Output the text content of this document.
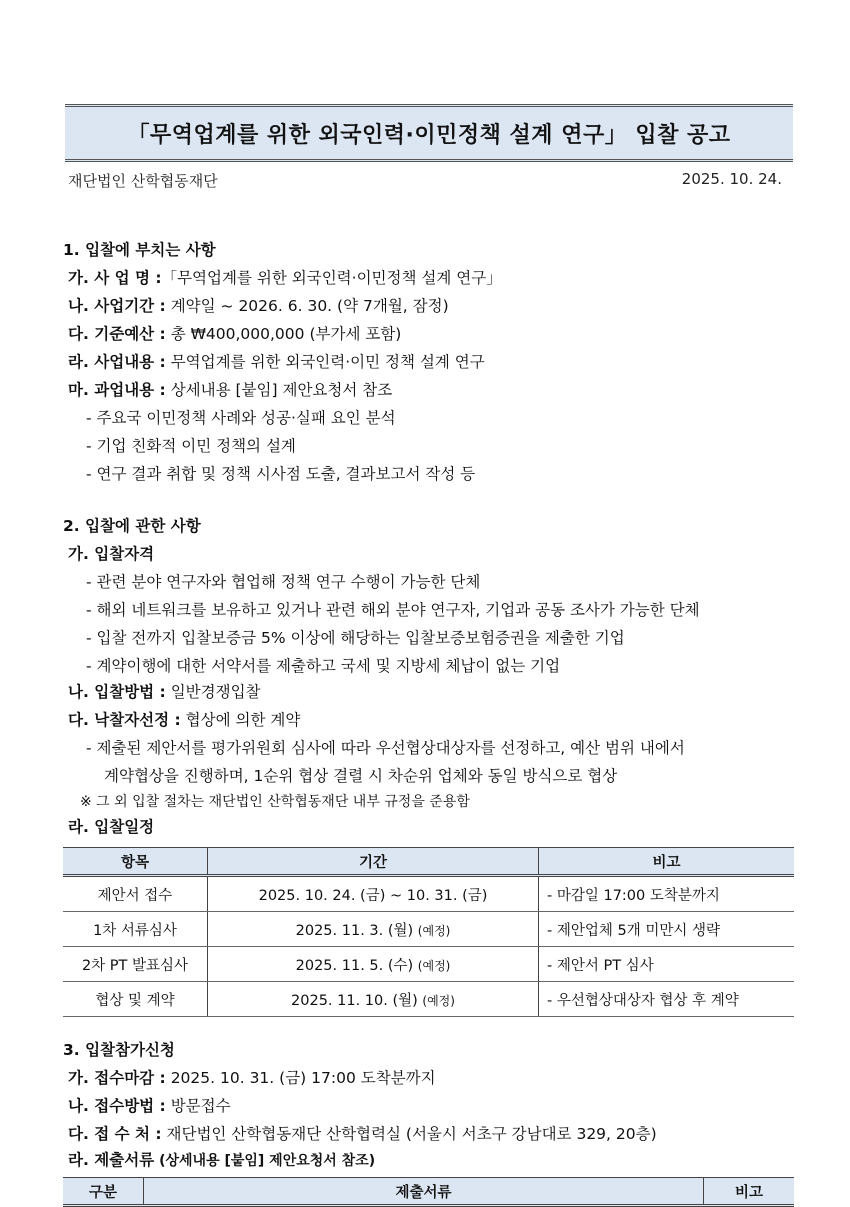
「무역업계를 위한 외국인력·이민정책 설계 연구」 입찰 공고
재단법인 산학협동재단	2025. 10. 24.
1. 입찰에 부치는 사항
가. 사 업 명 :「무역업계를 위한 외국인력·이민정책 설계 연구」
나. 사업기간 : 계약일 ~ 2026. 6. 30. (약 7개월, 잠정)
다. 기준예산 : 총 ₩400,000,000 (부가세 포함)
라. 사업내용 : 무역업계를 위한 외국인력·이민 정책 설계 연구
마. 과업내용 : 상세내용 [붙임] 제안요청서 참조
- 주요국 이민정책 사례와 성공·실패 요인 분석
- 기업 친화적 이민 정책의 설계
- 연구 결과 취합 및 정책 시사점 도출, 결과보고서 작성 등
2. 입찰에 관한 사항
가. 입찰자격
- 관련 분야 연구자와 협업해 정책 연구 수행이 가능한 단체
- 해외 네트워크를 보유하고 있거나 관련 해외 분야 연구자, 기업과 공동 조사가 가능한 단체
- 입찰 전까지 입찰보증금 5% 이상에 해당하는 입찰보증보험증권을 제출한 기업
- 계약이행에 대한 서약서를 제출하고 국세 및 지방세 체납이 없는 기업
나. 입찰방법 : 일반경쟁입찰
다. 낙찰자선정 : 협상에 의한 계약
- 제출된 제안서를 평가위원회 심사에 따라 우선협상대상자를 선정하고, 예산 범위 내에서
계약협상을 진행하며, 1순위 협상 결렬 시 차순위 업체와 동일 방식으로 협상
※ 그 외 입찰 절차는 재단법인 산학협동재단 내부 규정을 준용함
라. 입찰일정
항목	기간	비고
제안서 접수	2025. 10. 24. (금) ~ 10. 31. (금)	- 마감일 17:00 도착분까지
1차 서류심사	2025. 11. 3. (월) (예정)	- 제안업체 5개 미만시 생략
2차 PT 발표심사	2025. 11. 5. (수) (예정)	- 제안서 PT 심사
협상 및 계약	2025. 11. 10. (월) (예정)	- 우선협상대상자 협상 후 계약
3. 입찰참가신청
가. 접수마감 : 2025. 10. 31. (금) 17:00 도착분까지
나. 접수방법 : 방문접수
다. 접 수 처 : 재단법인 산학협동재단 산학협력실 (서울시 서초구 강남대로 329, 20층)
라. 제출서류 (상세내용 [붙임] 제안요청서 참조)
구분	제출서류	비고
